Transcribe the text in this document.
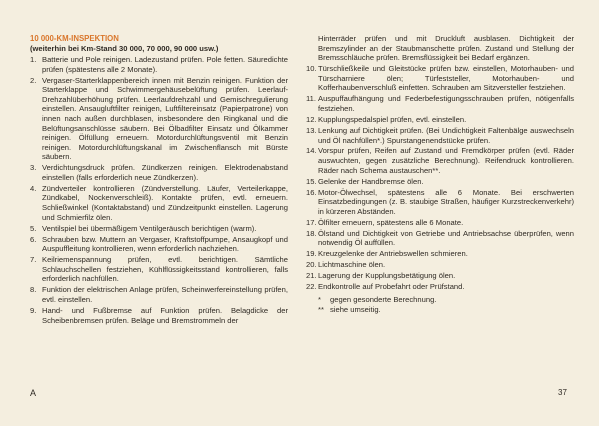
10 000-KM-INSPEKTION
(weiterhin bei Km-Stand 30 000, 70 000, 90 000 usw.)
1. Batterie und Pole reinigen. Ladezustand prüfen. Pole fetten. Säuredichte prüfen (spätestens alle 2 Monate).
2. Vergaser-Starterklappenbereich innen mit Benzin reinigen. Funktion der Starterklappe und Schwimmergehäusebelüftung prüfen. Leerlauf-Drehzahlüberhöhung prüfen. Leerlaufdrehzahl und Gemischregulierung einstellen. Ansaugluftfilter reinigen, Luftfiltereinsatz (Papierpatrone) von innen nach außen durchblasen, insbesondere den Ringkanal und die Belüftungsanschlüsse säubern. Bei Ölbadfilter Einsatz und Ölkammer reinigen. Ölfüllung erneuern. Motordurchlüftungsventil mit Benzin reinigen. Motordurchlüftungskanal im Zwischenflansch mit Bürste säubern.
3. Verdichtungsdruck prüfen. Zündkerzen reinigen. Elektrodenabstand einstellen (falls erforderlich neue Zündkerzen).
4. Zündverteiler kontrollieren (Zündverstellung. Läufer, Verteilerkappe, Zündkabel, Nockenverschleiß). Kontakte prüfen, evtl. erneuern. Schließwinkel (Kontaktabstand) und Zündzeitpunkt einstellen. Lagerung und Schmierfilz ölen.
5. Ventilspiel bei übermäßigem Ventilgeräusch berichtigen (warm).
6. Schrauben bzw. Muttern an Vergaser, Kraftstoffpumpe, Ansaugkopf und Auspuffleitung kontrollieren, wenn erforderlich nachziehen.
7. Keilriemenspannung prüfen, evtl. berichtigen. Sämtliche Schlauchschellen festziehen, Kühlflüssigkeitsstand kontrollieren, falls erforderlich nachfüllen.
8. Funktion der elektrischen Anlage prüfen, Scheinwerfereinstellung prüfen, evtl. einstellen.
9. Hand- und Fußbremse auf Funktion prüfen. Belagdicke der Scheibenbremsen prüfen. Beläge und Bremstrommeln der
Hinterräder prüfen und mit Druckluft ausblasen. Dichtigkeit der Bremszylinder an der Staubmanschette prüfen. Zustand und Stellung der Bremsschläuche prüfen. Bremsflüssigkeit bei Bedarf ergänzen.
10. Türschließkeile und Gleitstücke prüfen bzw. einstellen, Motorhauben- und Türscharniere ölen; Türfeststeller, Motorhauben- und Kofferhaubenverschluß einfetten. Schrauben am Sitzversteller festziehen.
11. Auspuffaufhängung und Federbefestigungsschrauben prüfen, nötigenfalls festziehen.
12. Kupplungspedalspiel prüfen, evtl. einstellen.
13. Lenkung auf Dichtigkeit prüfen. (Bei Undichtigkeit Faltenbälge auswechseln und Öl nachfüllen*.) Spurstangenendstücke prüfen.
14. Vorspur prüfen, Reifen auf Zustand und Fremdkörper prüfen (evtl. Räder auswuchten, gegen zusätzliche Berechnung). Reifendruck kontrollieren. Räder nach Schema austauschen**.
15. Gelenke der Handbremse ölen.
16. Motor-Ölwechsel, spätestens alle 6 Monate. Bei erschwerten Einsatzbedingungen (z. B. staubige Straßen, häufiger Kurzstreckenverkehr) in kürzeren Abständen.
17. Ölfilter erneuern, spätestens alle 6 Monate.
18. Ölstand und Dichtigkeit von Getriebe und Antriebsachse überprüfen, wenn notwendig Öl auffüllen.
19. Kreuzgelenke der Antriebswellen schmieren.
20. Lichtmaschine ölen.
21. Lagerung der Kupplungsbetätigung ölen.
22. Endkontrolle auf Probefahrt oder Prüfstand.
*	gegen gesonderte Berechnung.
** siehe umseitig.
A	37
